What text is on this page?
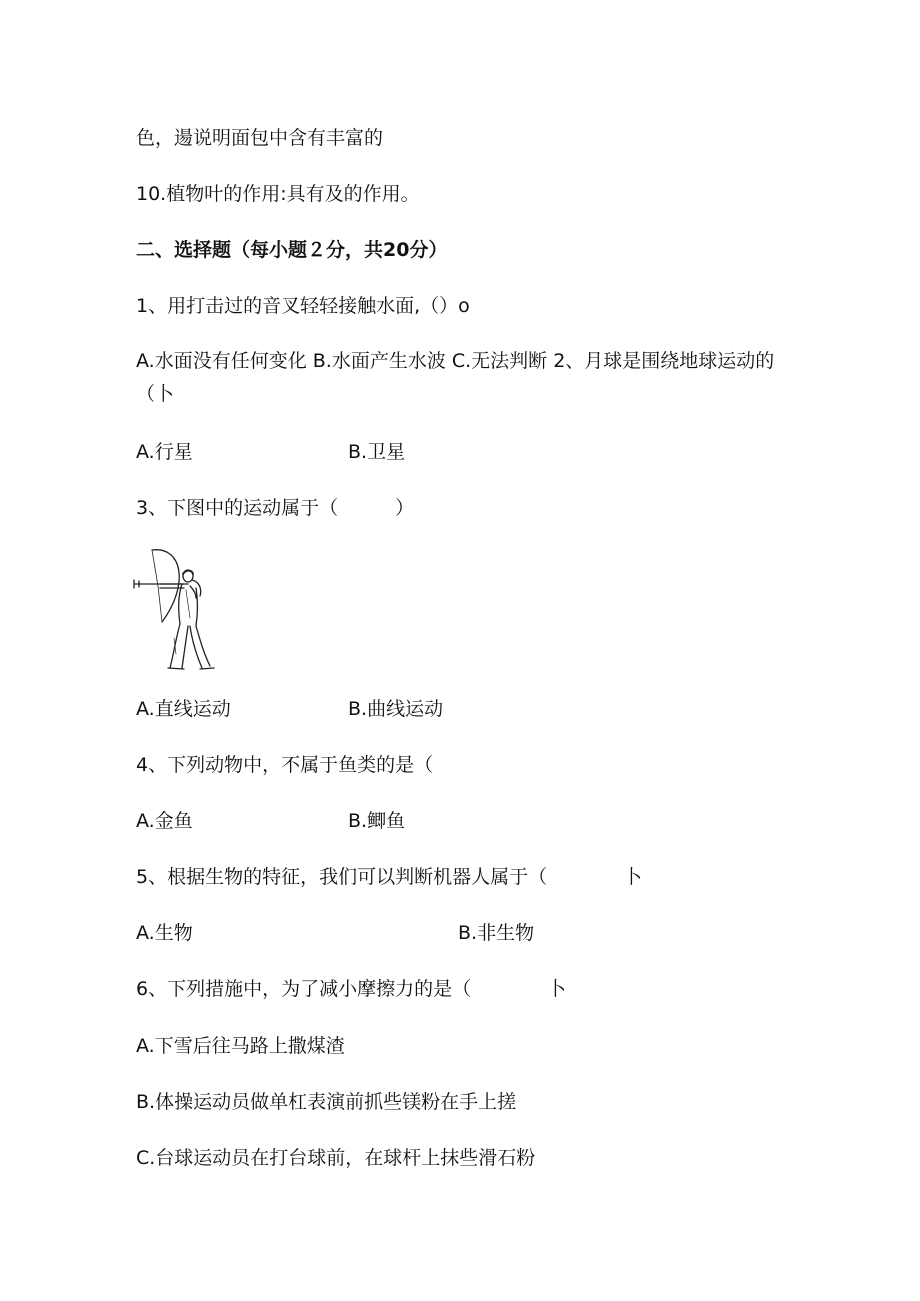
色，逿说明面包中含有丰富的
10.植物叶的作用:具有及的作用。
二、选择题（每小题２分，共20分）
1、用打击过的音叉轻轻接触水面,（）o
A.水面没有任何变化 B.水面产生水波 C.无法判断 2、月球是围绕地球运动的（卜
A.行星	B.卫星
3、下图中的运动属于（　　　）
A.直线运动	B.曲线运动
4、下列动物中，不属于鱼类的是（
A.金鱼	B.鲫鱼
5、根据生物的特征，我们可以判断机器人属于（　　　　卜
A.生物	B.非生物
6、下列措施中，为了减小摩擦力的是（　　　　卜
A.下雪后往马路上撒煤渣
B.体操运动员做单杠表演前抓些镁粉在手上搓
C.台球运动员在打台球前，在球杆上抹些滑石粉
